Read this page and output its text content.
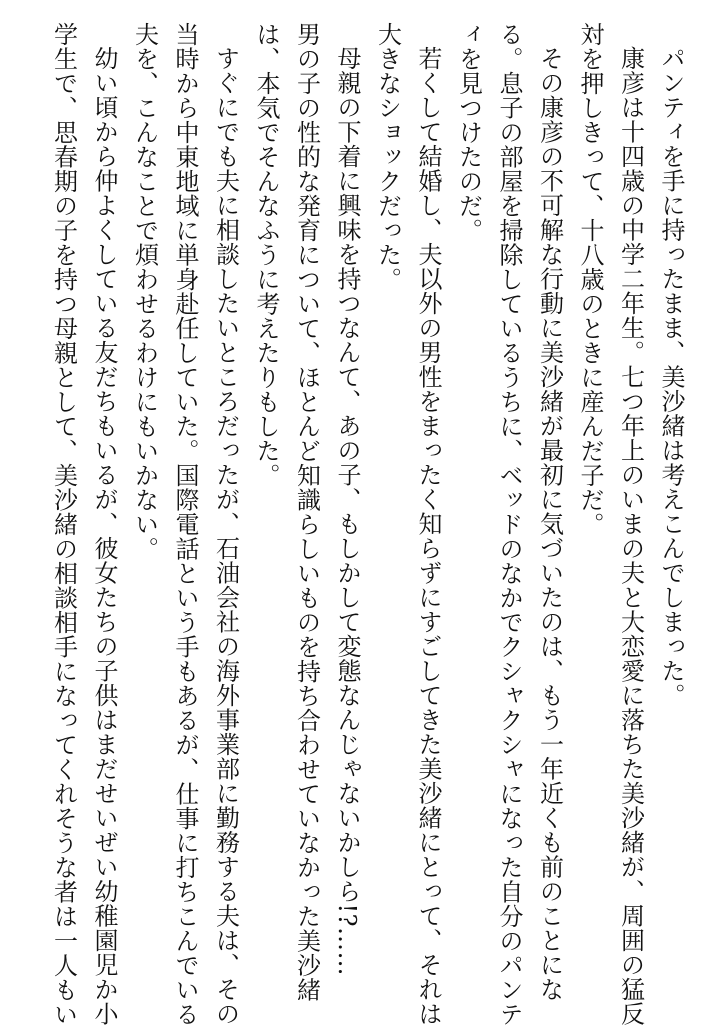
パンティを手に持ったまま、美沙緒は考えこんでしまった。
康彦は十四歳の中学二年生。七つ年上のいまの夫と大恋愛に落ちた美沙緒が、周囲の猛反
対を押しきって、十八歳のときに産んだ子だ。
その康彦の不可解な行動に美沙緒が最初に気づいたのは、もう一年近くも前のことにな
る。息子の部屋を掃除しているうちに、ベッドのなかでクシャクシャになった自分のパンテ
ィを見つけたのだ。
若くして結婚し、夫以外の男性をまったく知らずにすごしてきた美沙緒にとって、それは
大きなショックだった。
母親の下着に興味を持つなんて、あの子、もしかして変態なんじゃないかしら!?……
男の子の性的な発育について、ほとんど知識らしいものを持ち合わせていなかった美沙緒
は、本気でそんなふうに考えたりもした。
すぐにでも夫に相談したいところだったが、石油会社の海外事業部に勤務する夫は、その
当時から中東地域に単身赴任していた。国際電話という手もあるが、仕事に打ちこんでいる
夫を、こんなことで煩わせるわけにもいかない。
幼い頃から仲よくしている友だちもいるが、彼女たちの子供はまだせいぜい幼稚園児か小
学生で、思春期の子を持つ母親として、美沙緒の相談相手になってくれそうな者は一人もい
